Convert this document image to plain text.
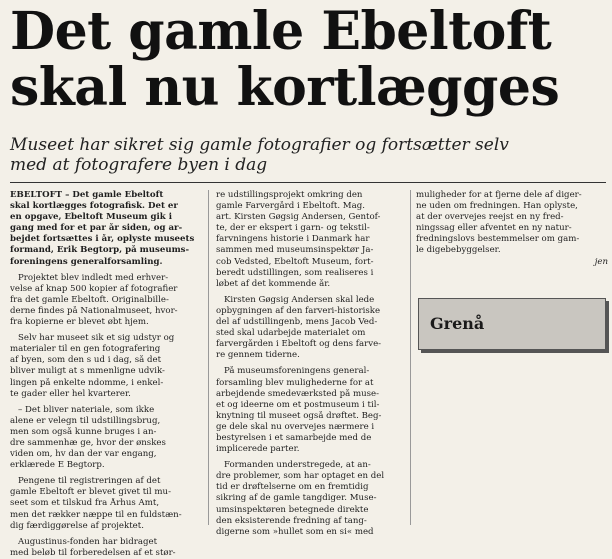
Det gamle Ebeltoft
skal nu kortlægges
Museet har sikret sig gamle fotografier og fortsætter selv
med at fotografere byen i dag
EBELTOFT – Det gamle Ebeltoft
skal kortlægges fotografisk. Det er
en opgave, Ebeltoft Museum gik i
gang med for et par år siden, og ar-
bejdet fortsættes i år, oplyste museets
formand, Erik Begtorp, på museums-
foreningens generalforsamling.
Projektet blev indledt med erhver-
velse af knap 500 kopier af fotografier
fra det gamle Ebeltoft. Originalbille-
derne findes på Nationalmuseet, hvor-
fra kopierne er blevet øbt hjem.
Selv har museet sik et sig udstyr og
materialer til en gen fotografering
af byen, som den s ud i dag, så det
bliver muligt at s mmenligne udvik-
lingen på enkelte ndomme, i enkel-
te gader eller hel kvarterer.
– Det bliver nateriale, som ikke
alene er velegn til udstillingsbrug,
men som også kunne bruges i an-
dre sammenhæ ge, hvor der ønskes
viden om, hv dan der var engang,
erklærede E Begtorp.
Pengene til registreringen af det
gamle Ebeltoft er blevet givet til mu-
seet som et tilskud fra Århus Amt,
men det rækker næppe til en fuldstæn-
dig færdiggørelse af projektet.
Augustinus-fonden har bidraget
med beløb til forberedelsen af et stør-
re udstillingsprojekt omkring den
gamle Farvergård i Ebeltoft. Mag.
art. Kirsten Gøgsig Andersen, Gentof-
te, der er ekspert i garn- og tekstil-
farvningens historie i Danmark har
sammen med museumsinspektør Ja-
cob Vedsted, Ebeltoft Museum, fort-
beredt udstillingen, som realiseres i
løbet af det kommende år.
Kirsten Gøgsig Andersen skal lede
opbygningen af den farveri-historiske
del af udstillingenb, mens Jacob Ved-
sted skal udarbejde materialet om
farvergården i Ebeltoft og dens farve-
re gennem tiderne.
På museumsforeningens general-
forsamling blev mulighederne for at
arbejdende smedeværksted på muse-
et og ideerne om et postmuseum i til-
knytning til museet også drøftet. Beg-
ge dele skal nu overvejes nærmere i
bestyrelsen i et samarbejde med de
implicerede parter.
Formanden understregede, at an-
dre problemer, som har optaget en del
tid er drøftelserne om en fremtidig
sikring af de gamle tangdiger. Muse-
umsinspektøren betegnede direkte
den eksisterende fredning af tang-
digerne som »hullet som en si« med
muligheder for at fjerne dele af diger-
ne uden om fredningen. Han oplyste,
at der overvejes reejst en ny fred-
ningssag eller afventet en ny natur-
fredningslovs bestemmelser om gam-
le digebebyggelser.
jen
Grenå
